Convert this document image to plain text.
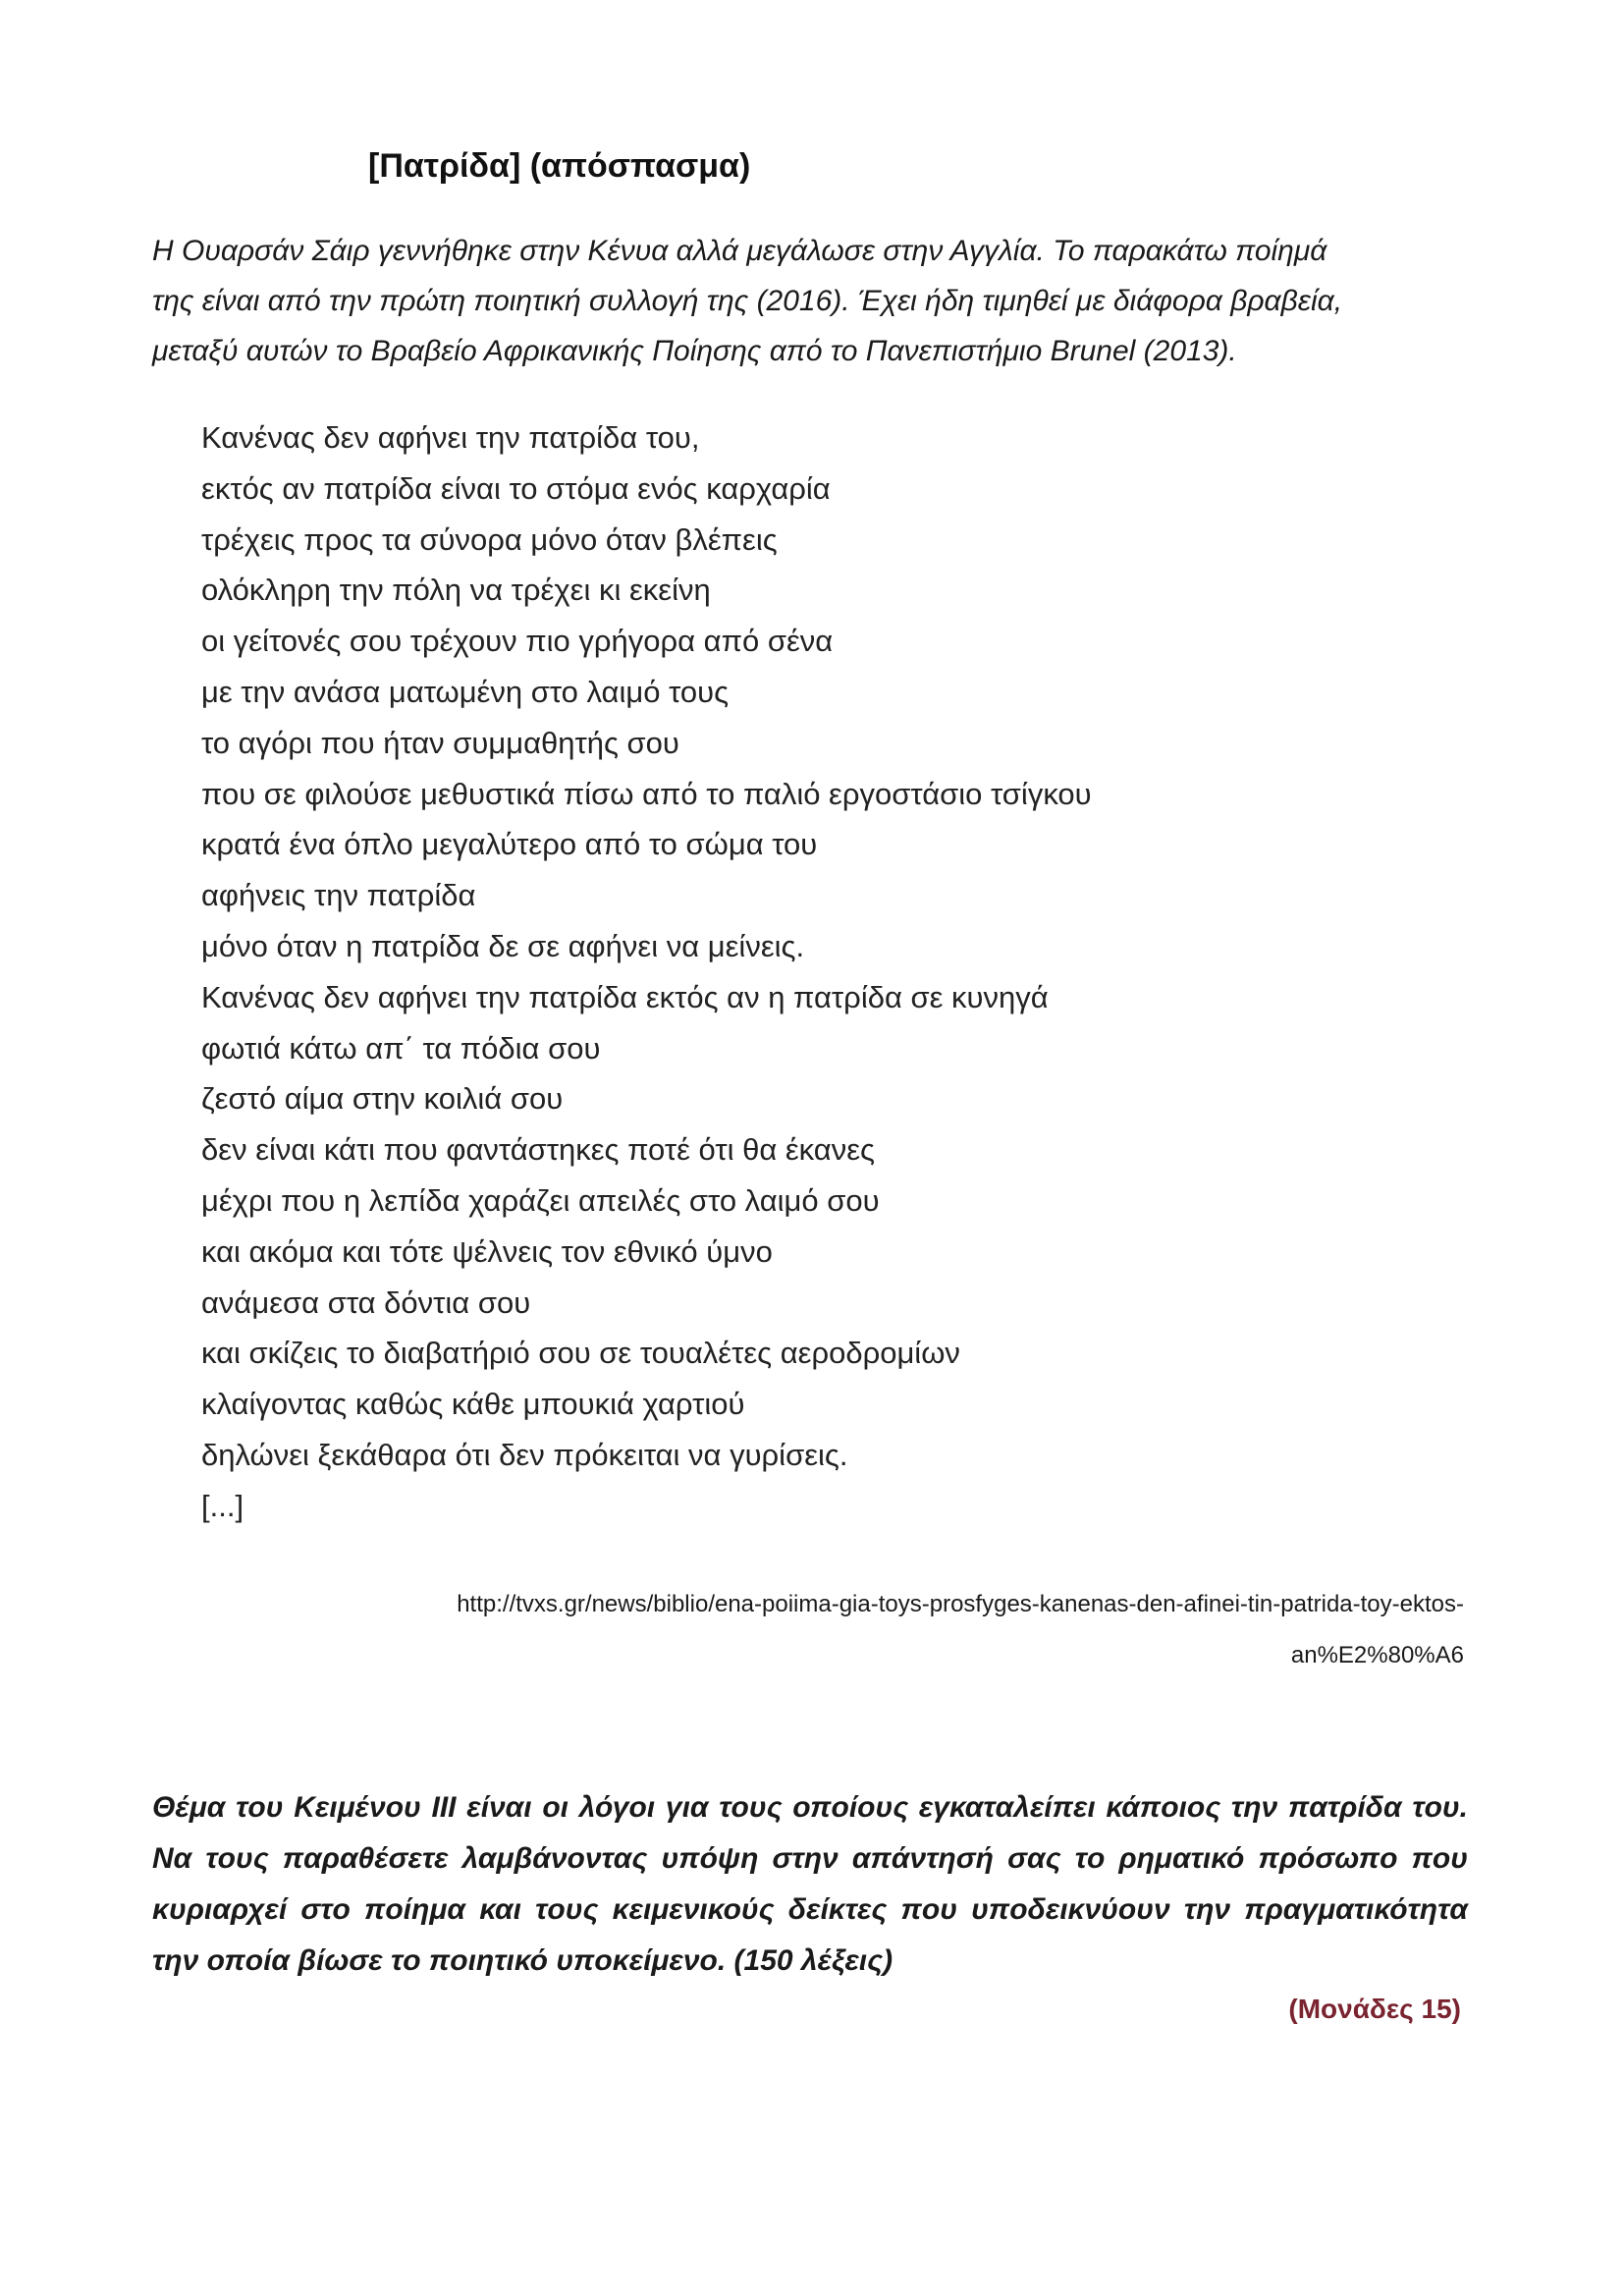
[Πατρίδα] (απόσπασμα)
Η Ουαρσάν Σάιρ γεννήθηκε στην Κένυα αλλά μεγάλωσε στην Αγγλία. Το παρακάτω ποίημά
της είναι από την πρώτη ποιητική συλλογή της (2016). Έχει ήδη τιμηθεί με διάφορα βραβεία,
μεταξύ αυτών το Βραβείο Αφρικανικής Ποίησης από το Πανεπιστήμιο Brunel (2013).
Κανένας δεν αφήνει την πατρίδα του,
εκτός αν πατρίδα είναι το στόμα ενός καρχαρία
τρέχεις προς τα σύνορα μόνο όταν βλέπεις
ολόκληρη την πόλη να τρέχει κι εκείνη
οι γείτονές σου τρέχουν πιο γρήγορα από σένα
με την ανάσα ματωμένη στο λαιμό τους
το αγόρι που ήταν συμμαθητής σου
που σε φιλούσε μεθυστικά πίσω από το παλιό εργοστάσιο τσίγκου
κρατά ένα όπλο μεγαλύτερο από το σώμα του
αφήνεις την πατρίδα
μόνο όταν η πατρίδα δε σε αφήνει να μείνεις.
Κανένας δεν αφήνει την πατρίδα εκτός αν η πατρίδα σε κυνηγά
φωτιά κάτω απ΄ τα πόδια σου
ζεστό αίμα στην κοιλιά σου
δεν είναι κάτι που φαντάστηκες ποτέ ότι θα έκανες
μέχρι που η λεπίδα χαράζει απειλές στο λαιμό σου
και ακόμα και τότε ψέλνεις τον εθνικό ύμνο
ανάμεσα στα δόντια σου
και σκίζεις το διαβατήριό σου σε τουαλέτες αεροδρομίων
κλαίγοντας καθώς κάθε μπουκιά χαρτιού
δηλώνει ξεκάθαρα ότι δεν πρόκειται να γυρίσεις.
[...]
http://tvxs.gr/news/biblio/ena-poiima-gia-toys-prosfyges-kanenas-den-afinei-tin-patrida-toy-ektos-
an%E2%80%A6
Θέμα του Κειμένου ΙΙΙ είναι οι λόγοι για τους οποίους εγκαταλείπει κάποιος την πατρίδα του.
Να τους παραθέσετε λαμβάνοντας υπόψη στην απάντησή σας το ρηματικό πρόσωπο που
κυριαρχεί στο ποίημα και τους κειμενικούς δείκτες που υποδεικνύουν την πραγματικότητα
την οποία βίωσε το ποιητικό υποκείμενο. (150 λέξεις)
(Μονάδες 15)
